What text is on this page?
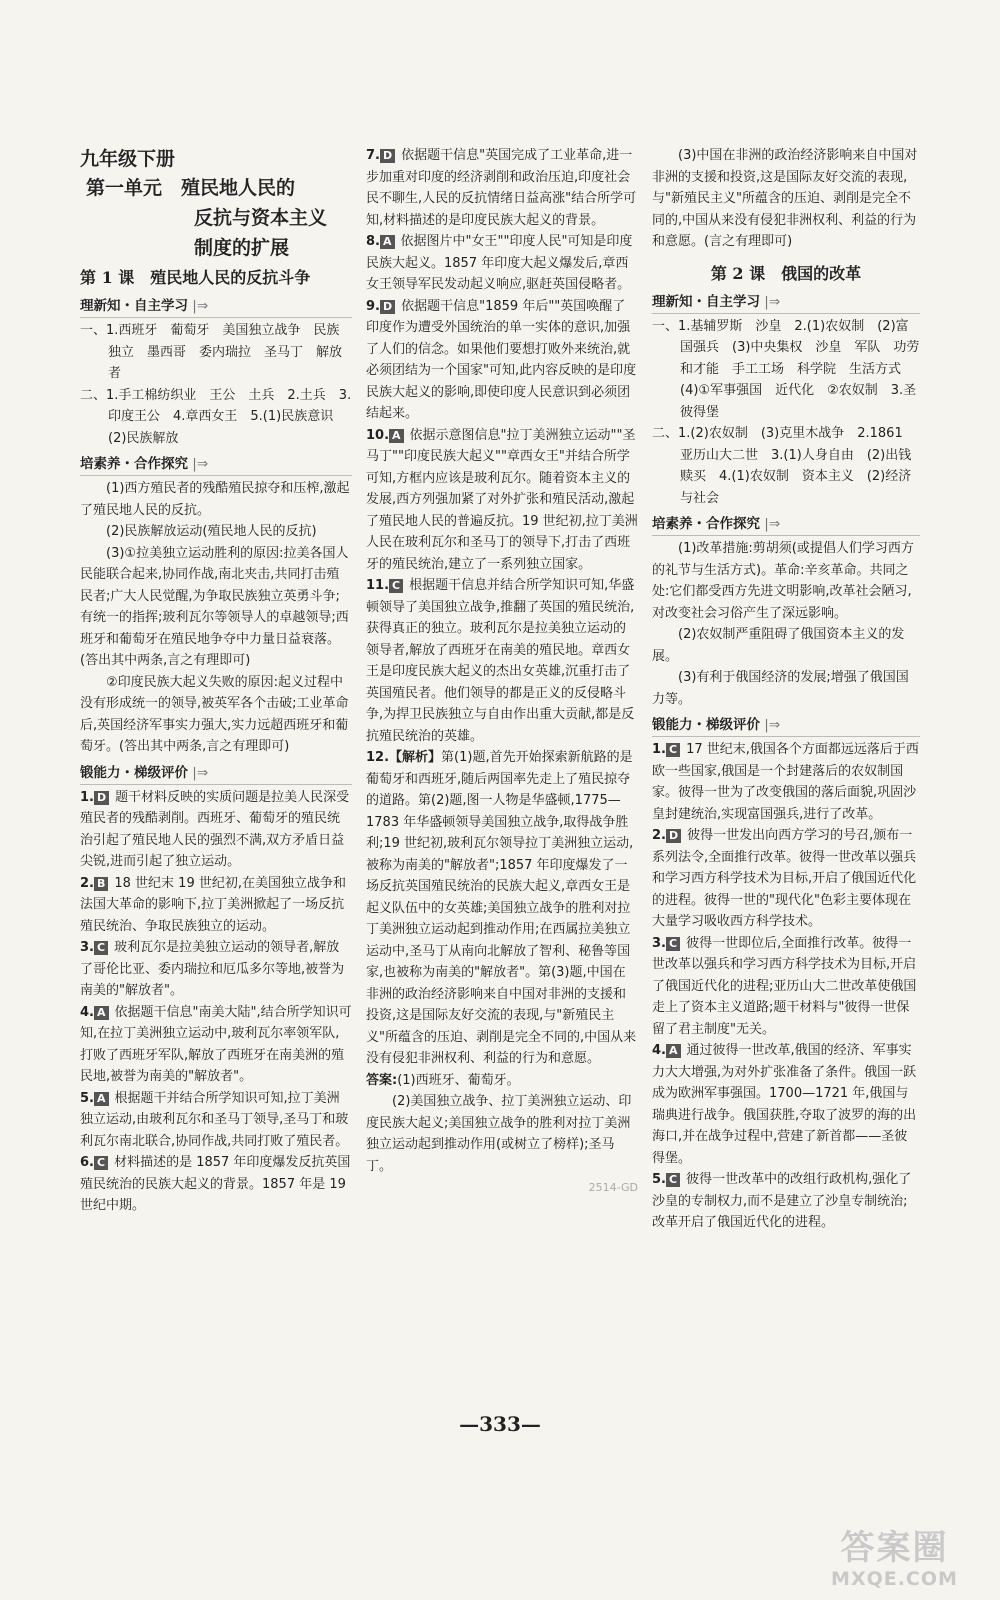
九年级下册
第一单元　殖民地人民的
反抗与资本主义
制度的扩展
第 1 课　殖民地人民的反抗斗争
理新知・自主学习 |⇒

一、1.西班牙　葡萄牙　美国独立战争　民族独立　墨西哥　委内瑞拉　圣马丁　解放者

二、1.手工棉纺织业　王公　土兵　2.土兵　3.印度王公　4.章西女王　5.(1)民族意识　(2)民族解放

培素养・合作探究 |⇒

(1)西方殖民者的残酷殖民掠夺和压榨,激起了殖民地人民的反抗。

(2)民族解放运动(殖民地人民的反抗)

(3)①拉美独立运动胜利的原因:拉美各国人民能联合起来,协同作战,南北夹击,共同打击殖民者;广大人民觉醒,为争取民族独立英勇斗争;有统一的指挥;玻利瓦尔等领导人的卓越领导;西班牙和葡萄牙在殖民地争夺中力量日益衰落。(答出其中两条,言之有理即可)

②印度民族大起义失败的原因:起义过程中没有形成统一的领导,被英军各个击破;工业革命后,英国经济军事实力强大,实力远超西班牙和葡萄牙。(答出其中两条,言之有理即可)

锻能力・梯级评价 |⇒

1. D 题干材料反映的实质问题是拉美人民深受殖民者的残酷剥削。西班牙、葡萄牙的殖民统治引起了殖民地人民的强烈不满,双方矛盾日益尖锐,进而引起了独立运动。

2. B 18 世纪末 19 世纪初,在美国独立战争和法国大革命的影响下,拉丁美洲掀起了一场反抗殖民统治、争取民族独立的运动。

3. C 玻利瓦尔是拉美独立运动的领导者,解放了哥伦比亚、委内瑞拉和厄瓜多尔等地,被誉为南美的"解放者"。

4. A 依据题干信息"南美大陆",结合所学知识可知,在拉丁美洲独立运动中,玻利瓦尔率领军队,打败了西班牙军队,解放了西班牙在南美洲的殖民地,被誉为南美的"解放者"。

5. A 根据题干并结合所学知识可知,拉丁美洲独立运动,由玻利瓦尔和圣马丁领导,圣马丁和玻利瓦尔南北联合,协同作战,共同打败了殖民者。

6. C 材料描述的是 1857 年印度爆发反抗英国殖民统治的民族大起义的背景。1857 年是 19 世纪中期。

7. D 依据题干信息"英国完成了工业革命,进一步加重对印度的经济剥削和政治压迫,印度社会民不聊生,人民的反抗情绪日益高涨"结合所学可知,材料描述的是印度民族大起义的背景。

8. A 依据图片中"女王""印度人民"可知是印度民族大起义。1857 年印度大起义爆发后,章西女王领导军民发动起义响应,驱赶英国侵略者。

9. D 依据题干信息"1859 年后""英国唤醒了印度作为遭受外国统治的单一实体的意识,加强了人们的信念。如果他们要想打败外来统治,就必须团结为一个国家"可知,此内容反映的是印度民族大起义的影响,即使印度人民意识到必须团结起来。

10. A 依据示意图信息"拉丁美洲独立运动""圣马丁""印度民族大起义""章西女王"并结合所学可知,方框内应该是玻利瓦尔。随着资本主义的发展,西方列强加紧了对外扩张和殖民活动,激起了殖民地人民的普遍反抗。19 世纪初,拉丁美洲人民在玻利瓦尔和圣马丁的领导下,打击了西班牙的殖民统治,建立了一系列独立国家。

11. C 根据题干信息并结合所学知识可知,华盛顿领导了美国独立战争,推翻了英国的殖民统治,获得真正的独立。玻利瓦尔是拉美独立运动的领导者,解放了西班牙在南美的殖民地。章西女王是印度民族大起义的杰出女英雄,沉重打击了英国殖民者。他们领导的都是正义的反侵略斗争,为捍卫民族独立与自由作出重大贡献,都是反抗殖民统治的英雄。

12.【解析】第(1)题,首先开始探索新航路的是葡萄牙和西班牙,随后两国率先走上了殖民掠夺的道路。第(2)题,图一人物是华盛顿,1775—1783 年华盛顿领导美国独立战争,取得战争胜利;19 世纪初,玻利瓦尔领导拉丁美洲独立运动,被称为南美的"解放者";1857 年印度爆发了一场反抗英国殖民统治的民族大起义,章西女王是起义队伍中的女英雄;美国独立战争的胜利对拉丁美洲独立运动起到推动作用;在西属拉美独立运动中,圣马丁从南向北解放了智利、秘鲁等国家,也被称为南美的"解放者"。第(3)题,中国在非洲的政治经济影响来自中国对非洲的支援和投资,这是国际友好交流的表现,与"新殖民主义"所蕴含的压迫、剥削是完全不同的,中国从来没有侵犯非洲权利、利益的行为和意愿。

答案:(1)西班牙、葡萄牙。

(2)美国独立战争、拉丁美洲独立运动、印度民族大起义;美国独立战争的胜利对拉丁美洲独立运动起到推动作用(或树立了榜样);圣马丁。

2514-GD

(3)中国在非洲的政治经济影响来自中国对非洲的支援和投资,这是国际友好交流的表现,与"新殖民主义"所蕴含的压迫、剥削是完全不同的,中国从来没有侵犯非洲权利、利益的行为和意愿。(言之有理即可)

第 2 课　俄国的改革
理新知・自主学习 |⇒

一、1.基辅罗斯　沙皇　2.(1)农奴制　(2)富国强兵　(3)中央集权　沙皇　军队　功劳和才能　手工工场　科学院　生活方式　(4)①军事强国　近代化　②农奴制　3.圣彼得堡

二、1.(2)农奴制　(3)克里木战争　2.1861　亚历山大二世　3.(1)人身自由　(2)出钱赎买　4.(1)农奴制　资本主义　(2)经济与社会

培素养・合作探究 |⇒

(1)改革措施:剪胡须(或提倡人们学习西方的礼节与生活方式)。革命:辛亥革命。共同之处:它们都受西方先进文明影响,改革社会陋习,对改变社会习俗产生了深远影响。

(2)农奴制严重阻碍了俄国资本主义的发展。

(3)有利于俄国经济的发展;增强了俄国国力等。

锻能力・梯级评价 |⇒

1. C 17 世纪末,俄国各个方面都远远落后于西欧一些国家,俄国是一个封建落后的农奴制国家。彼得一世为了改变俄国的落后面貌,巩固沙皇封建统治,实现富国强兵,进行了改革。

2. D 彼得一世发出向西方学习的号召,颁布一系列法令,全面推行改革。彼得一世改革以强兵和学习西方科学技术为目标,开启了俄国近代化的进程。彼得一世的"现代化"色彩主要体现在大量学习吸收西方科学技术。

3. C 彼得一世即位后,全面推行改革。彼得一世改革以强兵和学习西方科学技术为目标,开启了俄国近代化的进程;亚历山大二世改革使俄国走上了资本主义道路;题干材料与"彼得一世保留了君主制度"无关。

4. A 通过彼得一世改革,俄国的经济、军事实力大大增强,为对外扩张准备了条件。俄国一跃成为欧洲军事强国。1700—1721 年,俄国与瑞典进行战争。俄国获胜,夺取了波罗的海的出海口,并在战争过程中,营建了新首都——圣彼得堡。

5. C 彼得一世改革中的改组行政机构,强化了沙皇的专制权力,而不是建立了沙皇专制统治;改革开启了俄国近代化的进程。

—333—
答案圈
MXQE.COM
